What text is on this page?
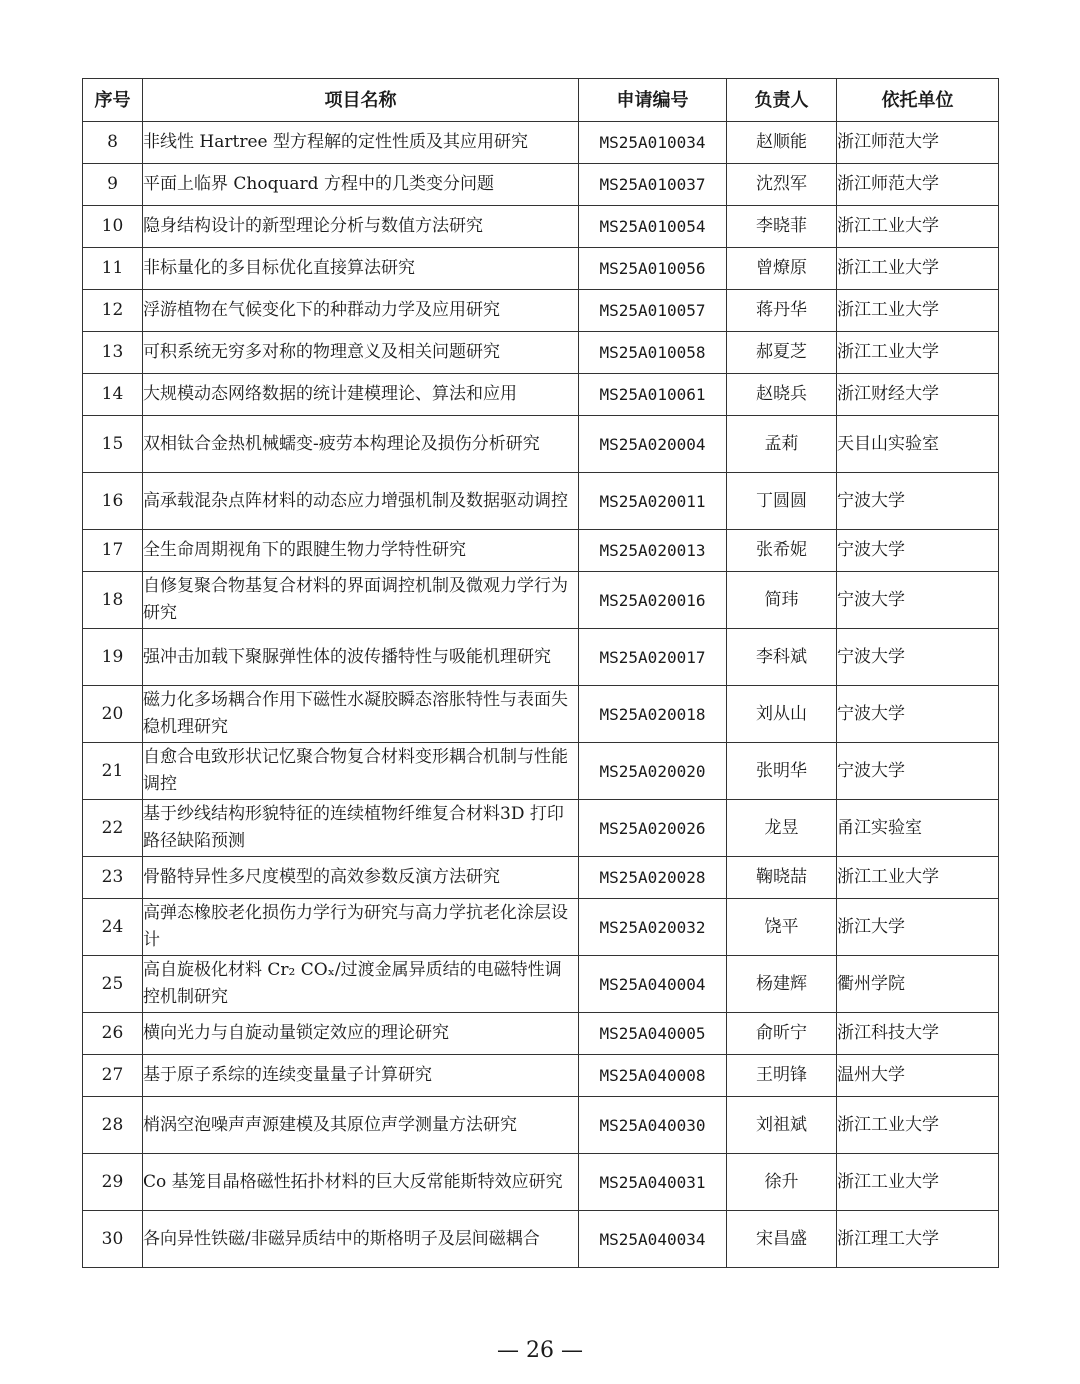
序号	项目名称	申请编号	负责人	依托单位
8	非线性 Hartree 型方程解的定性性质及其应用研究	MS25A010034	赵顺能	浙江师范大学
9	平面上临界 Choquard 方程中的几类变分问题	MS25A010037	沈烈军	浙江师范大学
10	隐身结构设计的新型理论分析与数值方法研究	MS25A010054	李晓菲	浙江工业大学
11	非标量化的多目标优化直接算法研究	MS25A010056	曾燎原	浙江工业大学
12	浮游植物在气候变化下的种群动力学及应用研究	MS25A010057	蒋丹华	浙江工业大学
13	可积系统无穷多对称的物理意义及相关问题研究	MS25A010058	郝夏芝	浙江工业大学
14	大规模动态网络数据的统计建模理论、算法和应用	MS25A010061	赵晓兵	浙江财经大学
15	双相钛合金热机械蠕变-疲劳本构理论及损伤分析研究	MS25A020004	孟莉	天目山实验室
16	高承载混杂点阵材料的动态应力增强机制及数据驱动调控	MS25A020011	丁圆圆	宁波大学
17	全生命周期视角下的跟腱生物力学特性研究	MS25A020013	张希妮	宁波大学
18	自修复聚合物基复合材料的界面调控机制及微观力学行为研究	MS25A020016	简玮	宁波大学
19	强冲击加载下聚脲弹性体的波传播特性与吸能机理研究	MS25A020017	李科斌	宁波大学
20	磁力化多场耦合作用下磁性水凝胶瞬态溶胀特性与表面失稳机理研究	MS25A020018	刘从山	宁波大学
21	自愈合电致形状记忆聚合物复合材料变形耦合机制与性能调控	MS25A020020	张明华	宁波大学
22	基于纱线结构形貌特征的连续植物纤维复合材料3D 打印路径缺陷预测	MS25A020026	龙昱	甬江实验室
23	骨骼特异性多尺度模型的高效参数反演方法研究	MS25A020028	鞠晓喆	浙江工业大学
24	高弹态橡胶老化损伤力学行为研究与高力学抗老化涂层设计	MS25A020032	饶平	浙江大学
25	高自旋极化材料 Cr₂ COₓ/过渡金属异质结的电磁特性调控机制研究	MS25A040004	杨建辉	衢州学院
26	横向光力与自旋动量锁定效应的理论研究	MS25A040005	俞昕宁	浙江科技大学
27	基于原子系综的连续变量量子计算研究	MS25A040008	王明锋	温州大学
28	梢涡空泡噪声声源建模及其原位声学测量方法研究	MS25A040030	刘祖斌	浙江工业大学
29	Co 基笼目晶格磁性拓扑材料的巨大反常能斯特效应研究	MS25A040031	徐升	浙江工业大学
30	各向异性铁磁/非磁异质结中的斯格明子及层间磁耦合	MS25A040034	宋昌盛	浙江理工大学
— 26 —
